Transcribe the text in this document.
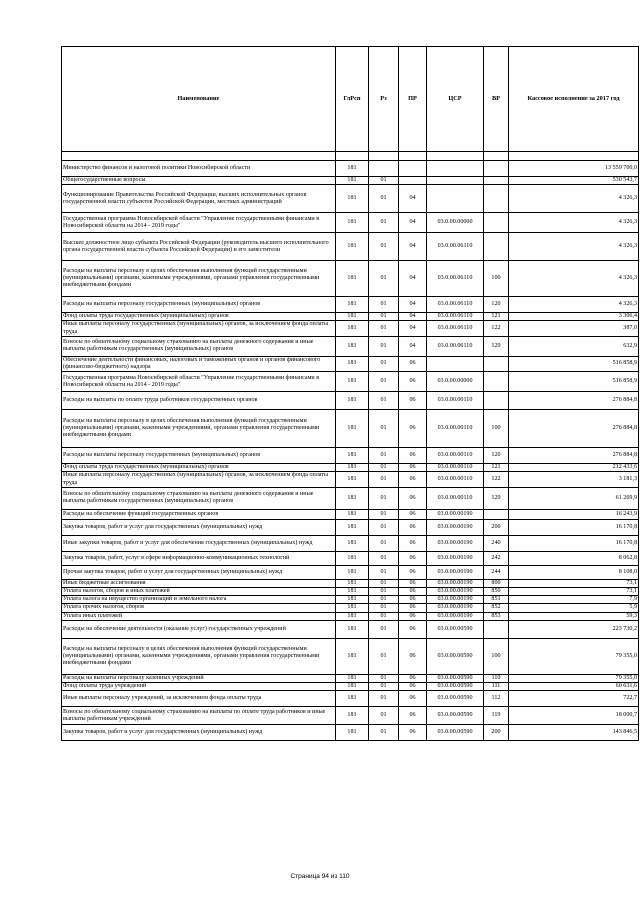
Наименование	ГлРсп	Рз	ПР	ЦСР	ВР	Кассовое исполнение за 2017 год

Министерство финансов и налоговой политики Новосибирской области	181					13 559 700,0
Общегосударственные вопросы	181	01				530 543,7
Функционирование Правительства Российской Федерации, высших исполнительных органов государственной власти субъектов Российской Федерации, местных администраций	181	01	04			4 326,3
Государственная программа Новосибирской области "Управление государственными финансами в Новосибирской области на 2014 - 2019 годы"	181	01	04	03.0.00.00000		4 326,3
Высшее должностное лицо субъекта Российской Федерации (руководитель высшего исполнительного органа государственной власти субъекта Российской Федерации) и его заместители	181	01	04	03.0.00.06110		4 326,3
Расходы на выплаты персоналу в целях обеспечения выполнения функций государственными (муниципальными) органами, казенными учреждениями, органами управления государственными внебюджетными фондами	181	01	04	03.0.00.06110	100	4 326,3
Расходы на выплаты персоналу государственных (муниципальных) органов	181	01	04	03.0.00.06110	120	4 326,3
Фонд оплаты труда государственных (муниципальных) органов	181	01	04	03.0.00.06110	121	3 306,4
Иные выплаты персоналу государственных (муниципальных) органов, за исключением фонда оплаты труда	181	01	04	03.0.00.06110	122	387,0
Взносы по обязательному социальному страхованию на выплаты денежного содержания и иные выплаты работникам государственных (муниципальных) органов	181	01	04	03.0.00.06110	129	632,9
Обеспечение деятельности финансовых, налоговых и таможенных органов и органов финансового (финансово-бюджетного) надзора	181	01	06			516 858,9
Государственная программа Новосибирской области "Управление государственными финансами в Новосибирской области на 2014 - 2019 годы"	181	01	06	03.0.00.00000		516 858,9
Расходы на выплаты по оплате труда работников государственных органов	181	01	06	03.0.00.00110		276 884,8
Расходы на выплаты персоналу в целях обеспечения выполнения функций государственными (муниципальными) органами, казенными учреждениями, органами управления государственными внебюджетными фондами	181	01	06	03.0.00.00110	100	276 884,8
Расходы на выплаты персоналу государственных (муниципальных) органов	181	01	06	03.0.00.00110	120	276 884,8
Фонд оплаты труда государственных (муниципальных) органов	181	01	06	03.0.00.00110	121	212 433,6
Иные выплаты персоналу государственных (муниципальных) органов, за исключением фонда оплаты труда	181	01	06	03.0.00.00110	122	3 181,3
Взносы по обязательному социальному страхованию на выплаты денежного содержания и иные выплаты работникам государственных (муниципальных) органов	181	01	06	03.0.00.00110	129	61 269,9
Расходы на обеспечение функций государственных органов	181	01	06	03.0.00.00190		16 243,9
Закупка товаров, работ и услуг для государственных (муниципальных) нужд	181	01	06	03.0.00.00190	200	16 170,8
Иные закупки товаров, работ и услуг для обеспечения государственных (муниципальных) нужд	181	01	06	03.0.00.00190	240	16 170,8
Закупка товаров, работ, услуг в сфере информационно-коммуникационных технологий	181	01	06	03.0.00.00190	242	8 062,8
Прочая закупка товаров, работ и услуг для государственных (муниципальных) нужд	181	01	06	03.0.00.00190	244	8 108,0
Иные бюджетные ассигнования	181	01	06	03.0.00.00190	800	73,1
Уплата налогов, сборов и иных платежей	181	01	06	03.0.00.00190	850	73,1
Уплата налога на имущество организаций и земельного налога	181	01	06	03.0.00.00190	851	7,9
Уплата прочих налогов, сборов	181	01	06	03.0.00.00190	852	5,9
Уплата иных платежей	181	01	06	03.0.00.00190	853	59,3
Расходы на обеспечение деятельности (оказание услуг) государственных учреждений	181	01	06	03.0.00.00590		223 730,2
Расходы на выплаты персоналу в целях обеспечения выполнения функций государственными (муниципальными) органами, казенными учреждениями, органами управления государственными внебюджетными фондами	181	01	06	03.0.00.00590	100	79 355,0
Расходы на выплаты персоналу казенных учреждений	181	01	06	03.0.00.00590	110	79 355,0
Фонд оплаты труда учреждений	181	01	06	03.0.00.00590	111	60 631,6
Иные выплаты персоналу учреждений, за исключением фонда оплаты труда	181	01	06	03.0.00.00590	112	722,7
Взносы по обязательному социальному страхованию на выплаты по оплате труда работников и иные выплаты работникам учреждений	181	01	06	03.0.00.00590	119	18 000,7
Закупка товаров, работ и услуг для государственных (муниципальных) нужд	181	01	06	03.0.00.00590	200	143 846,5
Страница 94 из 110
